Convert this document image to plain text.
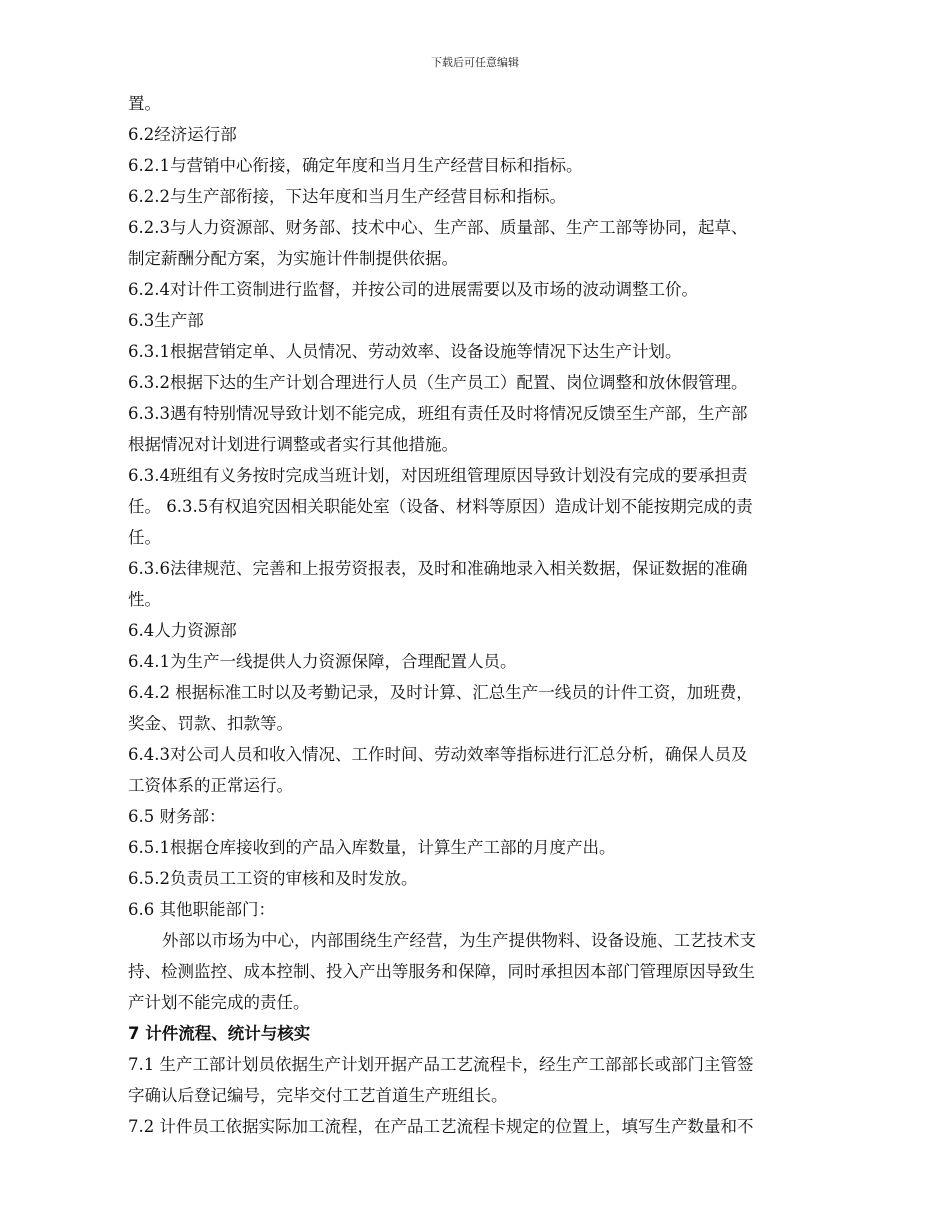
下载后可任意编辑
置。
6.2经济运行部
6.2.1与营销中心衔接，确定年度和当月生产经营目标和指标。
6.2.2与生产部衔接，下达年度和当月生产经营目标和指标。
6.2.3与人力资源部、财务部、技术中心、生产部、质量部、生产工部等协同，起草、
制定薪酬分配方案，为实施计件制提供依据。
6.2.4对计件工资制进行监督，并按公司的进展需要以及市场的波动调整工价。
6.3生产部
6.3.1根据营销定单、人员情况、劳动效率、设备设施等情况下达生产计划。
6.3.2根据下达的生产计划合理进行人员（生产员工）配置、岗位调整和放休假管理。
6.3.3遇有特别情况导致计划不能完成，班组有责任及时将情况反馈至生产部，生产部
根据情况对计划进行调整或者实行其他措施。
6.3.4班组有义务按时完成当班计划，对因班组管理原因导致计划没有完成的要承担责
任。 6.3.5有权追究因相关职能处室（设备、材料等原因）造成计划不能按期完成的责
任。
6.3.6法律规范、完善和上报劳资报表，及时和准确地录入相关数据，保证数据的准确
性。
6.4人力资源部
6.4.1为生产一线提供人力资源保障，合理配置人员。
6.4.2 根据标准工时以及考勤记录，及时计算、汇总生产一线员的计件工资，加班费，
奖金、罚款、扣款等。
6.4.3对公司人员和收入情况、工作时间、劳动效率等指标进行汇总分析，确保人员及
工资体系的正常运行。
6.5 财务部：
6.5.1根据仓库接收到的产品入库数量，计算生产工部的月度产出。
6.5.2负责员工工资的审核和及时发放。
6.6 其他职能部门：
外部以市场为中心，内部围绕生产经营，为生产提供物料、设备设施、工艺技术支
持、检测监控、成本控制、投入产出等服务和保障，同时承担因本部门管理原因导致生
产计划不能完成的责任。
7 计件流程、统计与核实
7.1 生产工部计划员依据生产计划开据产品工艺流程卡，经生产工部部长或部门主管签
字确认后登记编号，完毕交付工艺首道生产班组长。
7.2 计件员工依据实际加工流程，在产品工艺流程卡规定的位置上，填写生产数量和不
